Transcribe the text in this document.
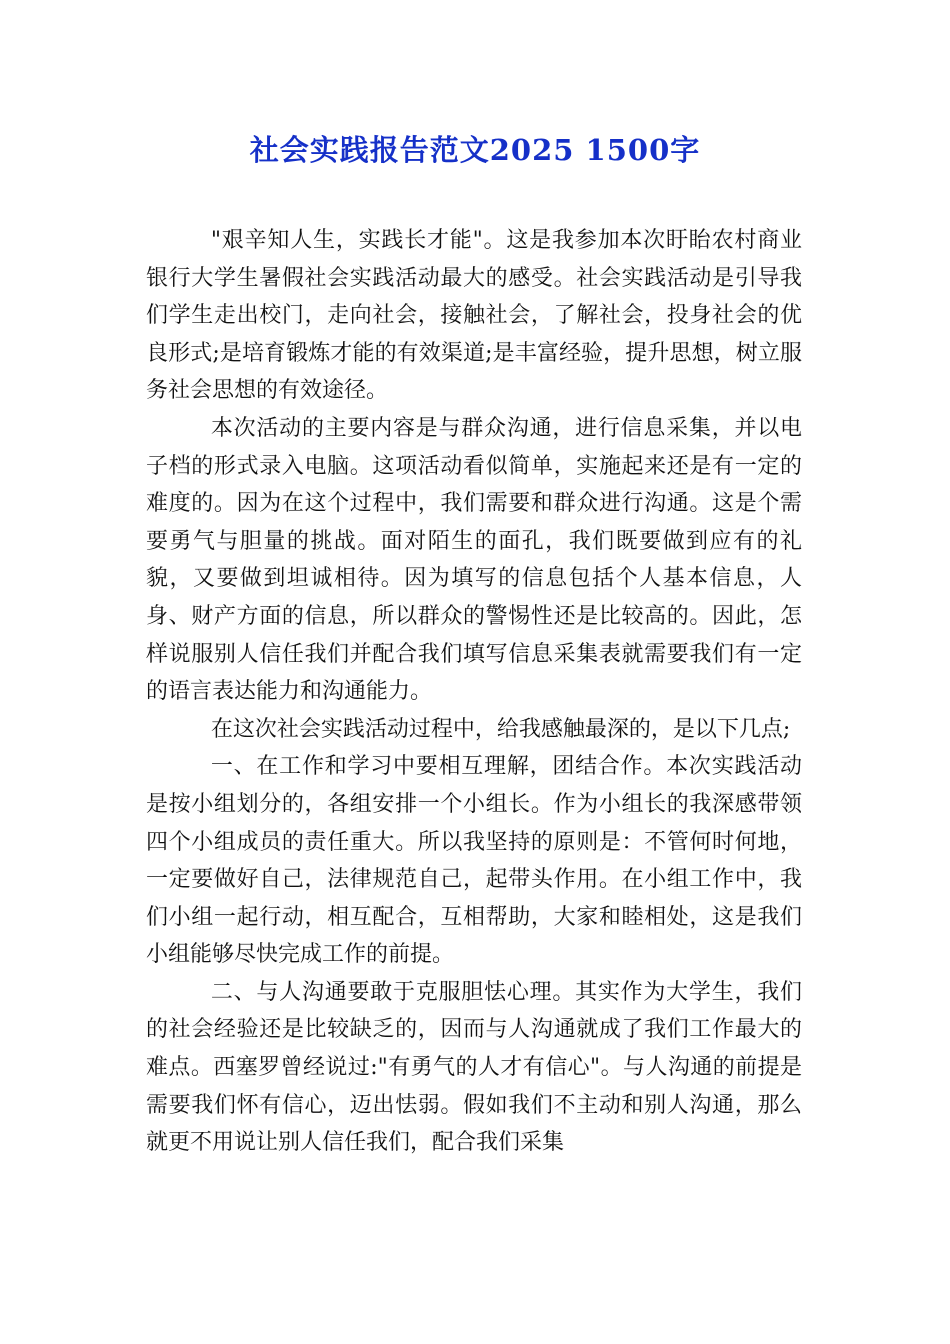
社会实践报告范文2025 1500字

"艰辛知人生，实践长才能"。这是我参加本次盱眙农村商业银行大学生暑假社会实践活动最大的感受。社会实践活动是引导我们学生走出校门，走向社会，接触社会，了解社会，投身社会的优良形式;是培育锻炼才能的有效渠道;是丰富经验，提升思想，树立服务社会思想的有效途径。

本次活动的主要内容是与群众沟通，进行信息采集，并以电子档的形式录入电脑。这项活动看似简单，实施起来还是有一定的难度的。因为在这个过程中，我们需要和群众进行沟通。这是个需要勇气与胆量的挑战。面对陌生的面孔，我们既要做到应有的礼貌，又要做到坦诚相待。因为填写的信息包括个人基本信息，人身、财产方面的信息，所以群众的警惕性还是比较高的。因此，怎样说服别人信任我们并配合我们填写信息采集表就需要我们有一定的语言表达能力和沟通能力。

在这次社会实践活动过程中，给我感触最深的，是以下几点;

一、在工作和学习中要相互理解，团结合作。本次实践活动是按小组划分的，各组安排一个小组长。作为小组长的我深感带领四个小组成员的责任重大。所以我坚持的原则是：不管何时何地，一定要做好自己，法律规范自己，起带头作用。在小组工作中，我们小组一起行动，相互配合，互相帮助，大家和睦相处，这是我们小组能够尽快完成工作的前提。

二、与人沟通要敢于克服胆怯心理。其实作为大学生，我们的社会经验还是比较缺乏的，因而与人沟通就成了我们工作最大的难点。西塞罗曾经说过:"有勇气的人才有信心"。与人沟通的前提是需要我们怀有信心，迈出怯弱。假如我们不主动和别人沟通，那么就更不用说让别人信任我们，配合我们采集
